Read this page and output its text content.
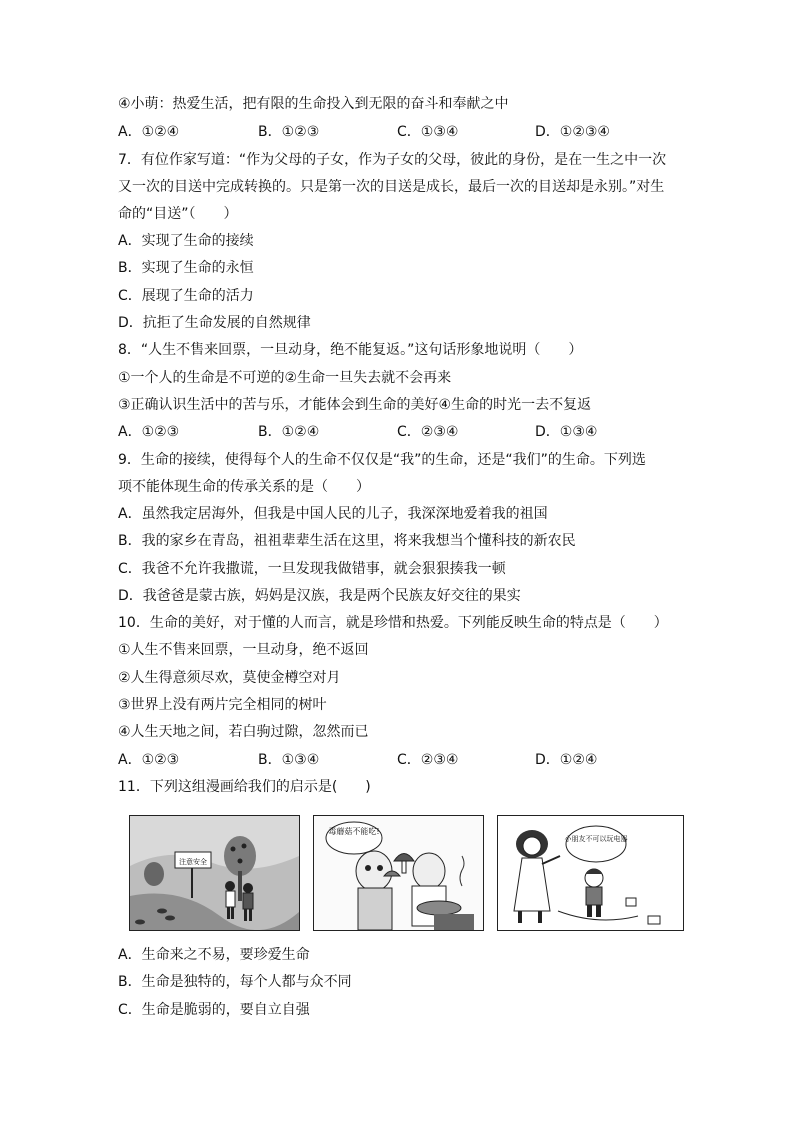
④小萌：热爱生活，把有限的生命投入到无限的奋斗和奉献之中
A．①②④	B．①②③	C．①③④	D．①②③④
7．有位作家写道：“作为父母的子女，作为子女的父母，彼此的身份，是在一生之中一次
又一次的目送中完成转换的。只是第一次的目送是成长，最后一次的目送却是永别。”对生
命的“目送”（　　）
A．实现了生命的接续
B．实现了生命的永恒
C．展现了生命的活力
D．抗拒了生命发展的自然规律
8．“人生不售来回票，一旦动身，绝不能复返。”这句话形象地说明（　　）
①一个人的生命是不可逆的②生命一旦失去就不会再来
③正确认识生活中的苦与乐，才能体会到生命的美好④生命的时光一去不复返
A．①②③	B．①②④	C．②③④	D．①③④
9．生命的接续，使得每个人的生命不仅仅是“我”的生命，还是“我们”的生命。下列选
项不能体现生命的传承关系的是（　　）
A．虽然我定居海外，但我是中国人民的儿子，我深深地爱着我的祖国
B．我的家乡在青岛，祖祖辈辈生活在这里，将来我想当个懂科技的新农民
C．我爸不允许我撒谎，一旦发现我做错事，就会狠狠揍我一顿
D．我爸爸是蒙古族，妈妈是汉族，我是两个民族友好交往的果实
10．生命的美好，对于懂的人而言，就是珍惜和热爱。下列能反映生命的特点是（　　）
①人生不售来回票，一旦动身，绝不返回
②人生得意须尽欢，莫使金樽空对月
③世界上没有两片完全相同的树叶
④人生天地之间，若白驹过隙，忽然而已
A．①②③	B．①③④	C．②③④	D．①②④
11．下列这组漫画给我们的启示是(　　)
注意安全
毒蘑菇不能吃!
小朋友不可以玩电器
A．生命来之不易，要珍爱生命
B．生命是独特的，每个人都与众不同
C．生命是脆弱的，要自立自强
